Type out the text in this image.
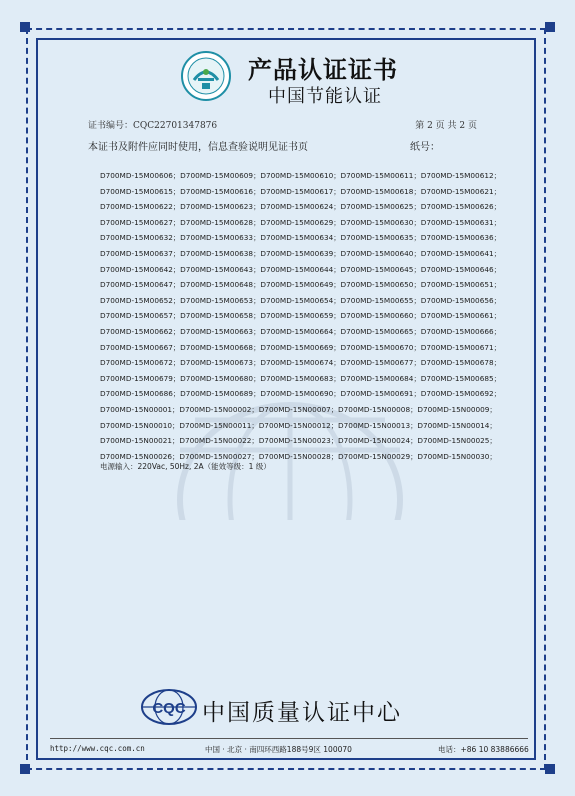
产品认证证书
中国节能认证
证书编号：CQC22701347876	第 2 页 共 2 页
本证书及附件应同时使用，信息查验说明见证书页	纸号：
D700MD-15M00606；D700MD-15M00609；D700MD-15M00610；D700MD-15M00611；D700MD-15M00612；
D700MD-15M00615；D700MD-15M00616；D700MD-15M00617；D700MD-15M00618；D700MD-15M00621；
D700MD-15M00622；D700MD-15M00623；D700MD-15M00624；D700MD-15M00625；D700MD-15M00626；
D700MD-15M00627；D700MD-15M00628；D700MD-15M00629；D700MD-15M00630；D700MD-15M00631；
D700MD-15M00632；D700MD-15M00633；D700MD-15M00634；D700MD-15M00635；D700MD-15M00636；
D700MD-15M00637；D700MD-15M00638；D700MD-15M00639；D700MD-15M00640；D700MD-15M00641；
D700MD-15M00642；D700MD-15M00643；D700MD-15M00644；D700MD-15M00645；D700MD-15M00646；
D700MD-15M00647；D700MD-15M00648；D700MD-15M00649；D700MD-15M00650；D700MD-15M00651；
D700MD-15M00652；D700MD-15M00653；D700MD-15M00654；D700MD-15M00655；D700MD-15M00656；
D700MD-15M00657；D700MD-15M00658；D700MD-15M00659；D700MD-15M00660；D700MD-15M00661；
D700MD-15M00662；D700MD-15M00663；D700MD-15M00664；D700MD-15M00665；D700MD-15M00666；
D700MD-15M00667；D700MD-15M00668；D700MD-15M00669；D700MD-15M00670；D700MD-15M00671；
D700MD-15M00672；D700MD-15M00673；D700MD-15M00674；D700MD-15M00677；D700MD-15M00678；
D700MD-15M00679；D700MD-15M00680；D700MD-15M00683；D700MD-15M00684；D700MD-15M00685；
D700MD-15M00686；D700MD-15M00689；D700MD-15M00690；D700MD-15M00691；D700MD-15M00692；
D700MD-15N00001；D700MD-15N00002；D700MD-15N00007；D700MD-15N00008；D700MD-15N00009；
D700MD-15N00010；D700MD-15N00011；D700MD-15N00012；D700MD-15N00013；D700MD-15N00014；
D700MD-15N00021；D700MD-15N00022；D700MD-15N00023；D700MD-15N00024；D700MD-15N00025；
D700MD-15N00026；D700MD-15N00027；D700MD-15N00028；D700MD-15N00029；D700MD-15N00030；
电源输入：220Vac, 50Hz, 2A（能效等级：1 级）
CQC 中国质量认证中心
http://www.cqc.com.cn	中国 · 北京 · 南四环西路188号9区 100070	电话：+86 10 83886666
